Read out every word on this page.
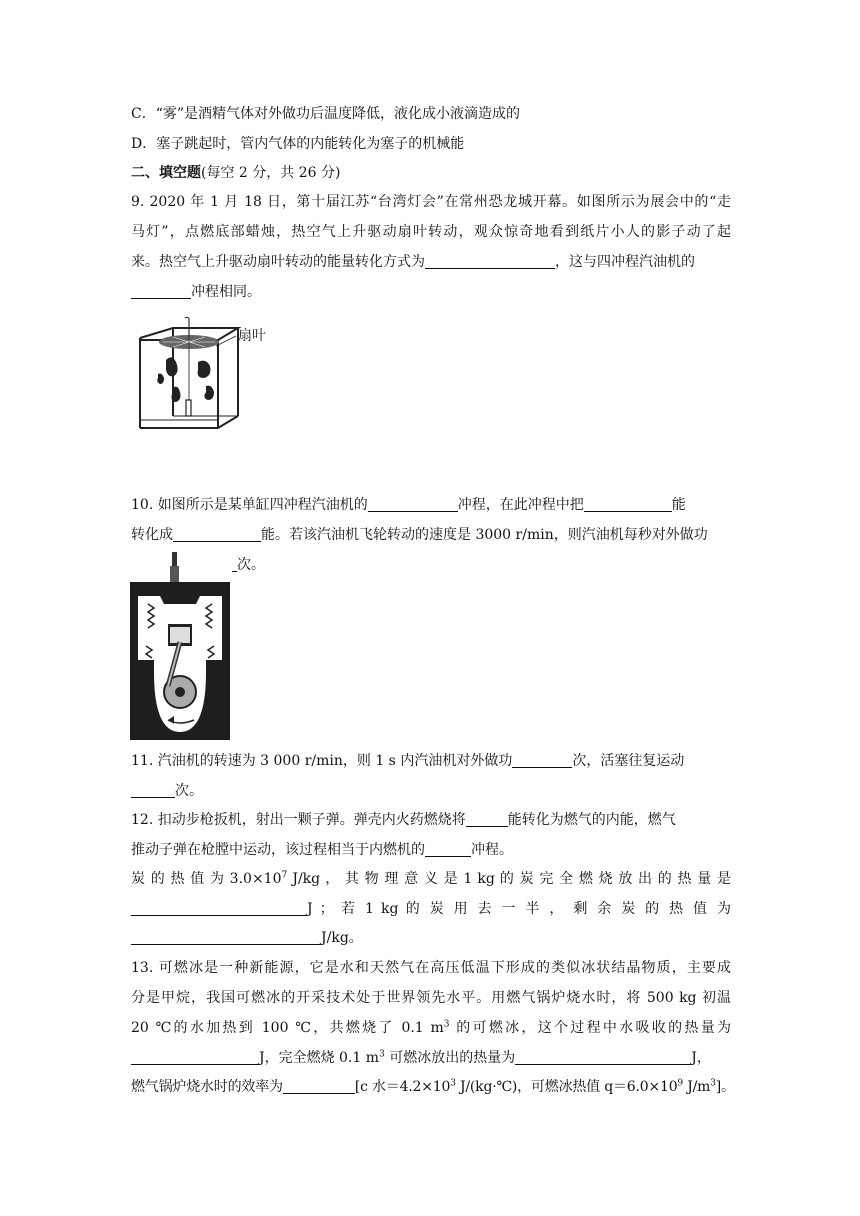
C．“雾”是酒精气体对外做功后温度降低，液化成小液滴造成的
D．塞子跳起时，管内气体的内能转化为塞子的机械能
二、填空题(每空 2 分，共 26 分)
9. 2020 年 1 月 18 日，第十届江苏“台湾灯会”在常州恐龙城开幕。如图所示为展会中的“走
马灯”，点燃底部蜡烛，热空气上升驱动扇叶转动，观众惊奇地看到纸片小人的影子动了起
来。热空气上升驱动扇叶转动的能量转化方式为	，这与四冲程汽油机的
冲程相同。
扇叶
10. 如图所示是某单缸四冲程汽油机的	冲程，在此冲程中把	能
转化成	能。若该汽油机飞轮转动的速度是 3000 r/min，则汽油机每秒对外做功
次。
11. 汽油机的转速为 3 000 r/min，则 1 s 内汽油机对外做功	次，活塞往复运动
次。
12. 扣动步枪扳机，射出一颗子弹。弹壳内火药燃烧将	能转化为燃气的内能，燃气
推动子弹在枪膛中运动，该过程相当于内燃机的	冲程。
炭 的 热 值 为 $3.0\times 10^7$ J/kg ， 其 物 理 意 义 是 1 kg 的 炭 完 全 燃 烧 放 出 的 热 量 是
J ； 若 1 kg 的 炭 用 去 一 半 ， 剩 余 炭 的 热 值 为
J/kg。
13. 可燃冰是一种新能源，它是水和天然气在高压低温下形成的类似冰状结晶物质，主要成
分是甲烷，我国可燃冰的开采技术处于世界领先水平。用燃气锅炉烧水时，将 500 kg 初温
20 ℃的水加热到 100 ℃，共燃烧了 0.1 $m^3$ 的可燃冰，这个过程中水吸收的热量为
J，完全燃烧 0.1 $m^3$ 可燃冰放出的热量为	J，
燃气锅炉烧水时的效率为	[c 水$=4.2\times 10^3$ J/(kg·℃)，可燃冰热值 $q=6.0\times 10^9$ $J/m^3$]。
